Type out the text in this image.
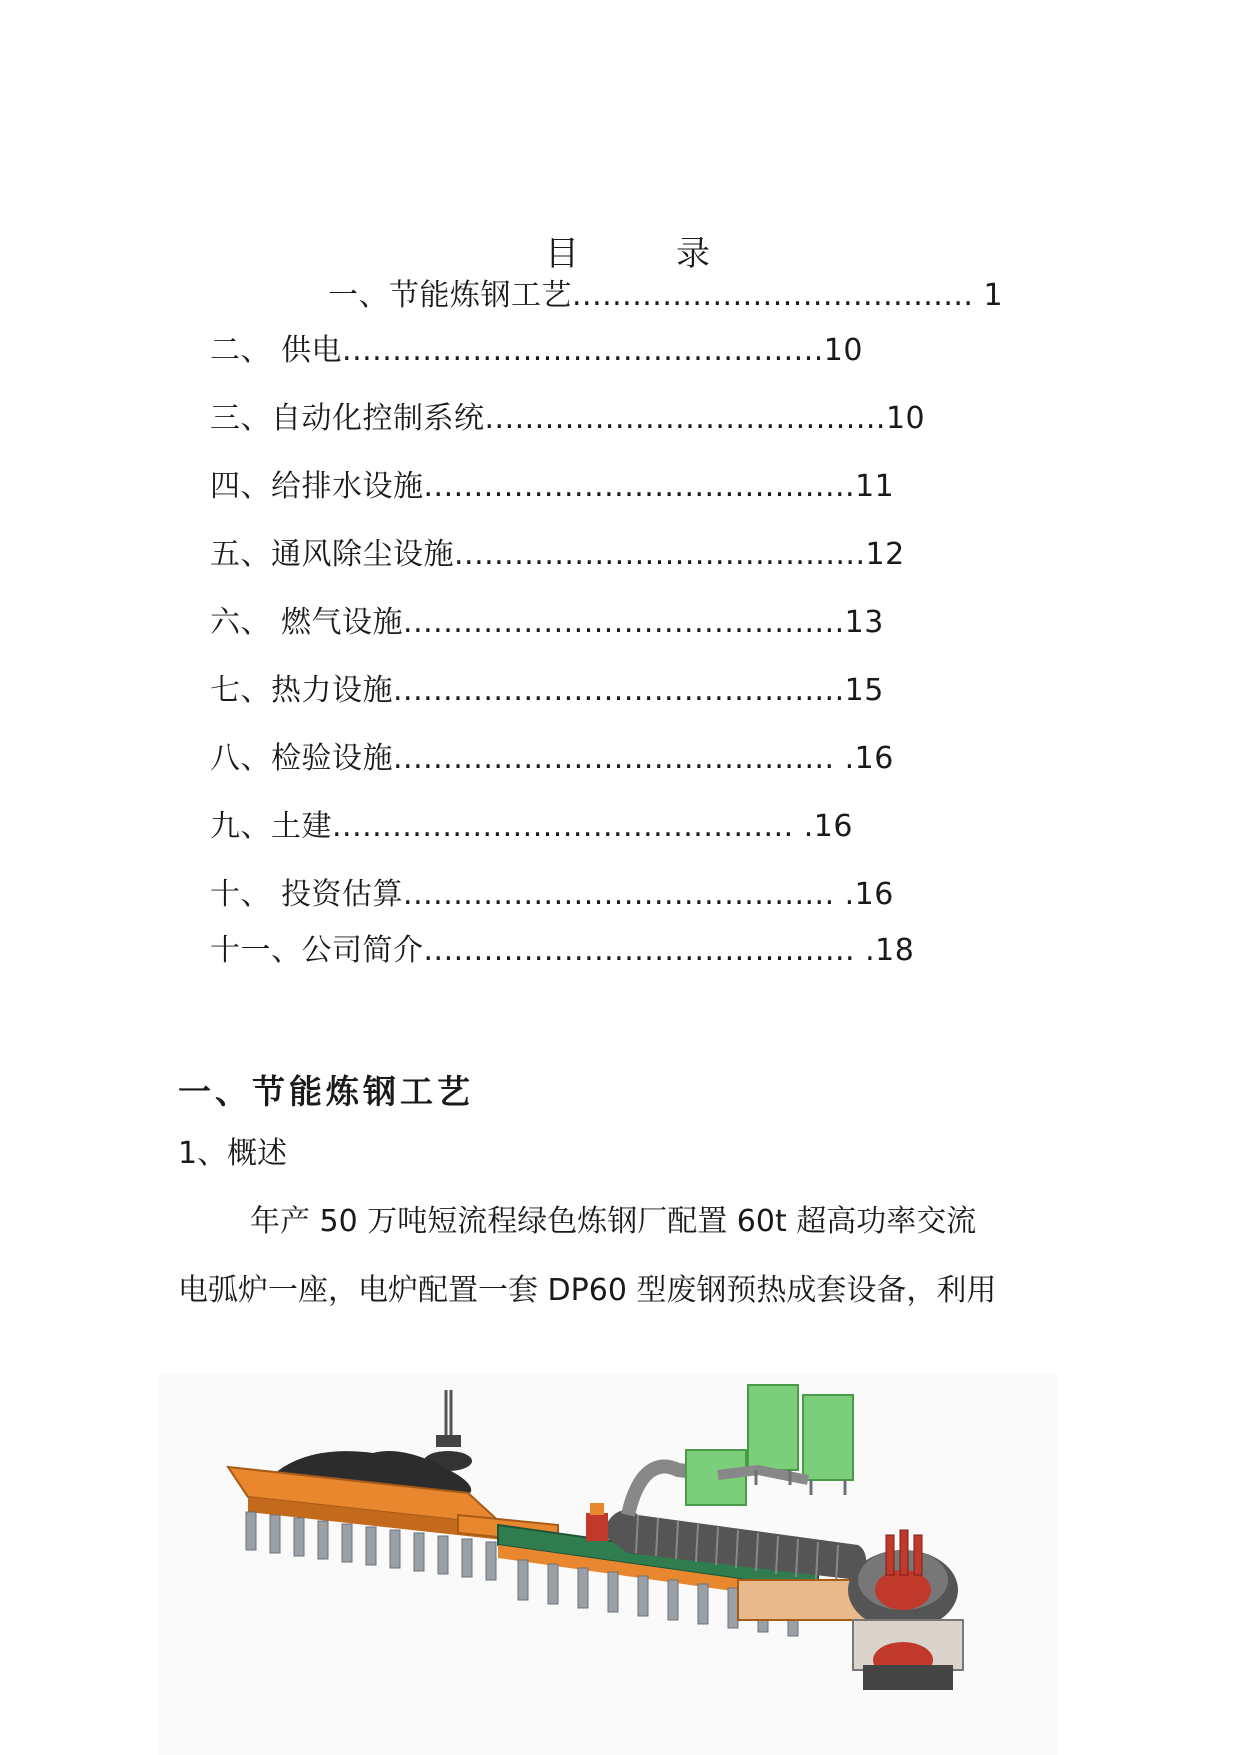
目	录
一、节能炼钢工艺........................................ 1
二、 供电................................................10
三、自动化控制系统........................................10
四、给排水设施...........................................11
五、通风除尘设施.........................................12
六、 燃气设施............................................13
七、热力设施.............................................15
八、检验设施............................................ .16
九、土建.............................................. .16
十、 投资估算........................................... .16
十一、公司简介........................................... .18
一、节能炼钢工艺
1、概述
年产 50 万吨短流程绿色炼钢厂配置 60t 超高功率交流
电弧炉一座，电炉配置一套 DP60 型废钢预热成套设备，利用
